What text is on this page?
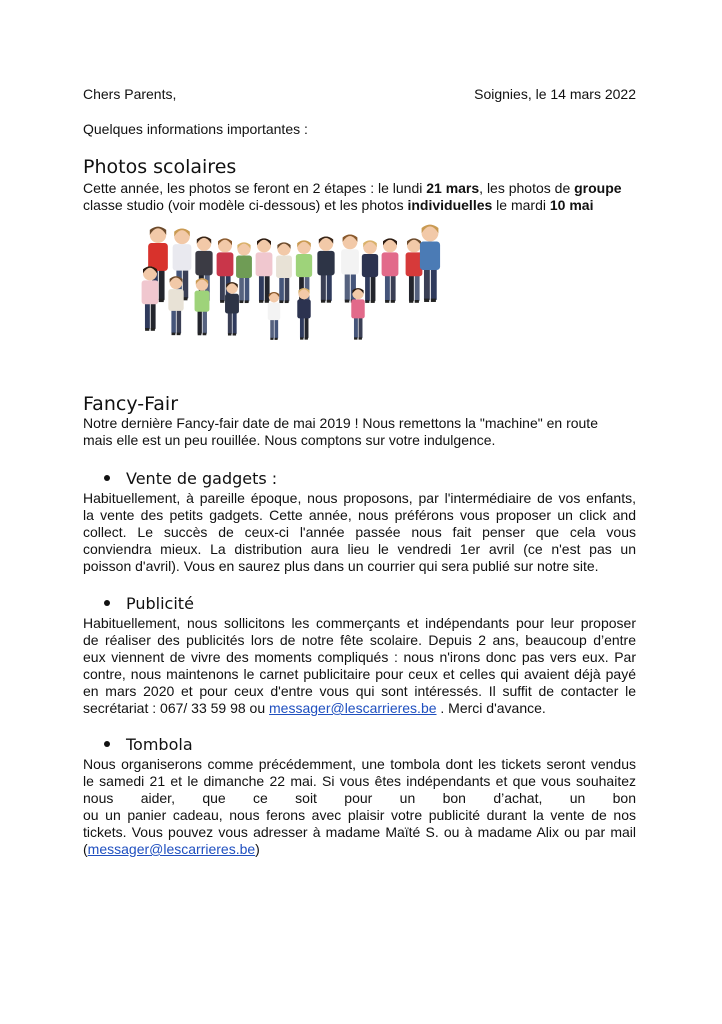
Chers Parents,	Soignies, le 14 mars 2022
Quelques informations importantes :
Photos scolaires
Cette année, les photos se feront en 2 étapes : le lundi 21 mars, les photos de groupe
classe studio (voir modèle ci-dessous) et les photos individuelles le mardi 10 mai
Fancy-Fair
Notre dernière Fancy-fair date de mai 2019 ! Nous remettons la "machine" en route
mais elle est un peu rouillée. Nous comptons sur votre indulgence.
Vente de gadgets :
Habituellement, à pareille époque, nous proposons, par l'intermédiaire de vos enfants,
la vente des petits gadgets. Cette année, nous préférons vous proposer un click and
collect. Le succès de ceux-ci l'année passée nous fait penser que cela vous
conviendra mieux. La distribution aura lieu le vendredi 1er avril (ce n'est pas un
poisson d'avril). Vous en saurez plus dans un courrier qui sera publié sur notre site.
Publicité
Habituellement, nous sollicitons les commerçants et indépendants pour leur proposer
de réaliser des publicités lors de notre fête scolaire. Depuis 2 ans, beaucoup d’entre
eux viennent de vivre des moments compliqués : nous n'irons donc pas vers eux. Par
contre, nous maintenons le carnet publicitaire pour ceux et celles qui avaient déjà payé
en mars 2020 et pour ceux d'entre vous qui sont intéressés. Il suffit de contacter le
secrétariat : 067/ 33 59 98 ou messager@lescarrieres.be . Merci d'avance.
Tombola
Nous organiserons comme précédemment, une tombola dont les tickets seront vendus
le samedi 21 et le dimanche 22 mai. Si vous êtes indépendants et que vous souhaitez
nous aider, que ce soit pour un bon d’achat, un bon
ou un panier cadeau, nous ferons avec plaisir votre publicité durant la vente de nos
tickets. Vous pouvez vous adresser à madame Maïté S. ou à madame Alix ou par mail
(messager@lescarrieres.be)
